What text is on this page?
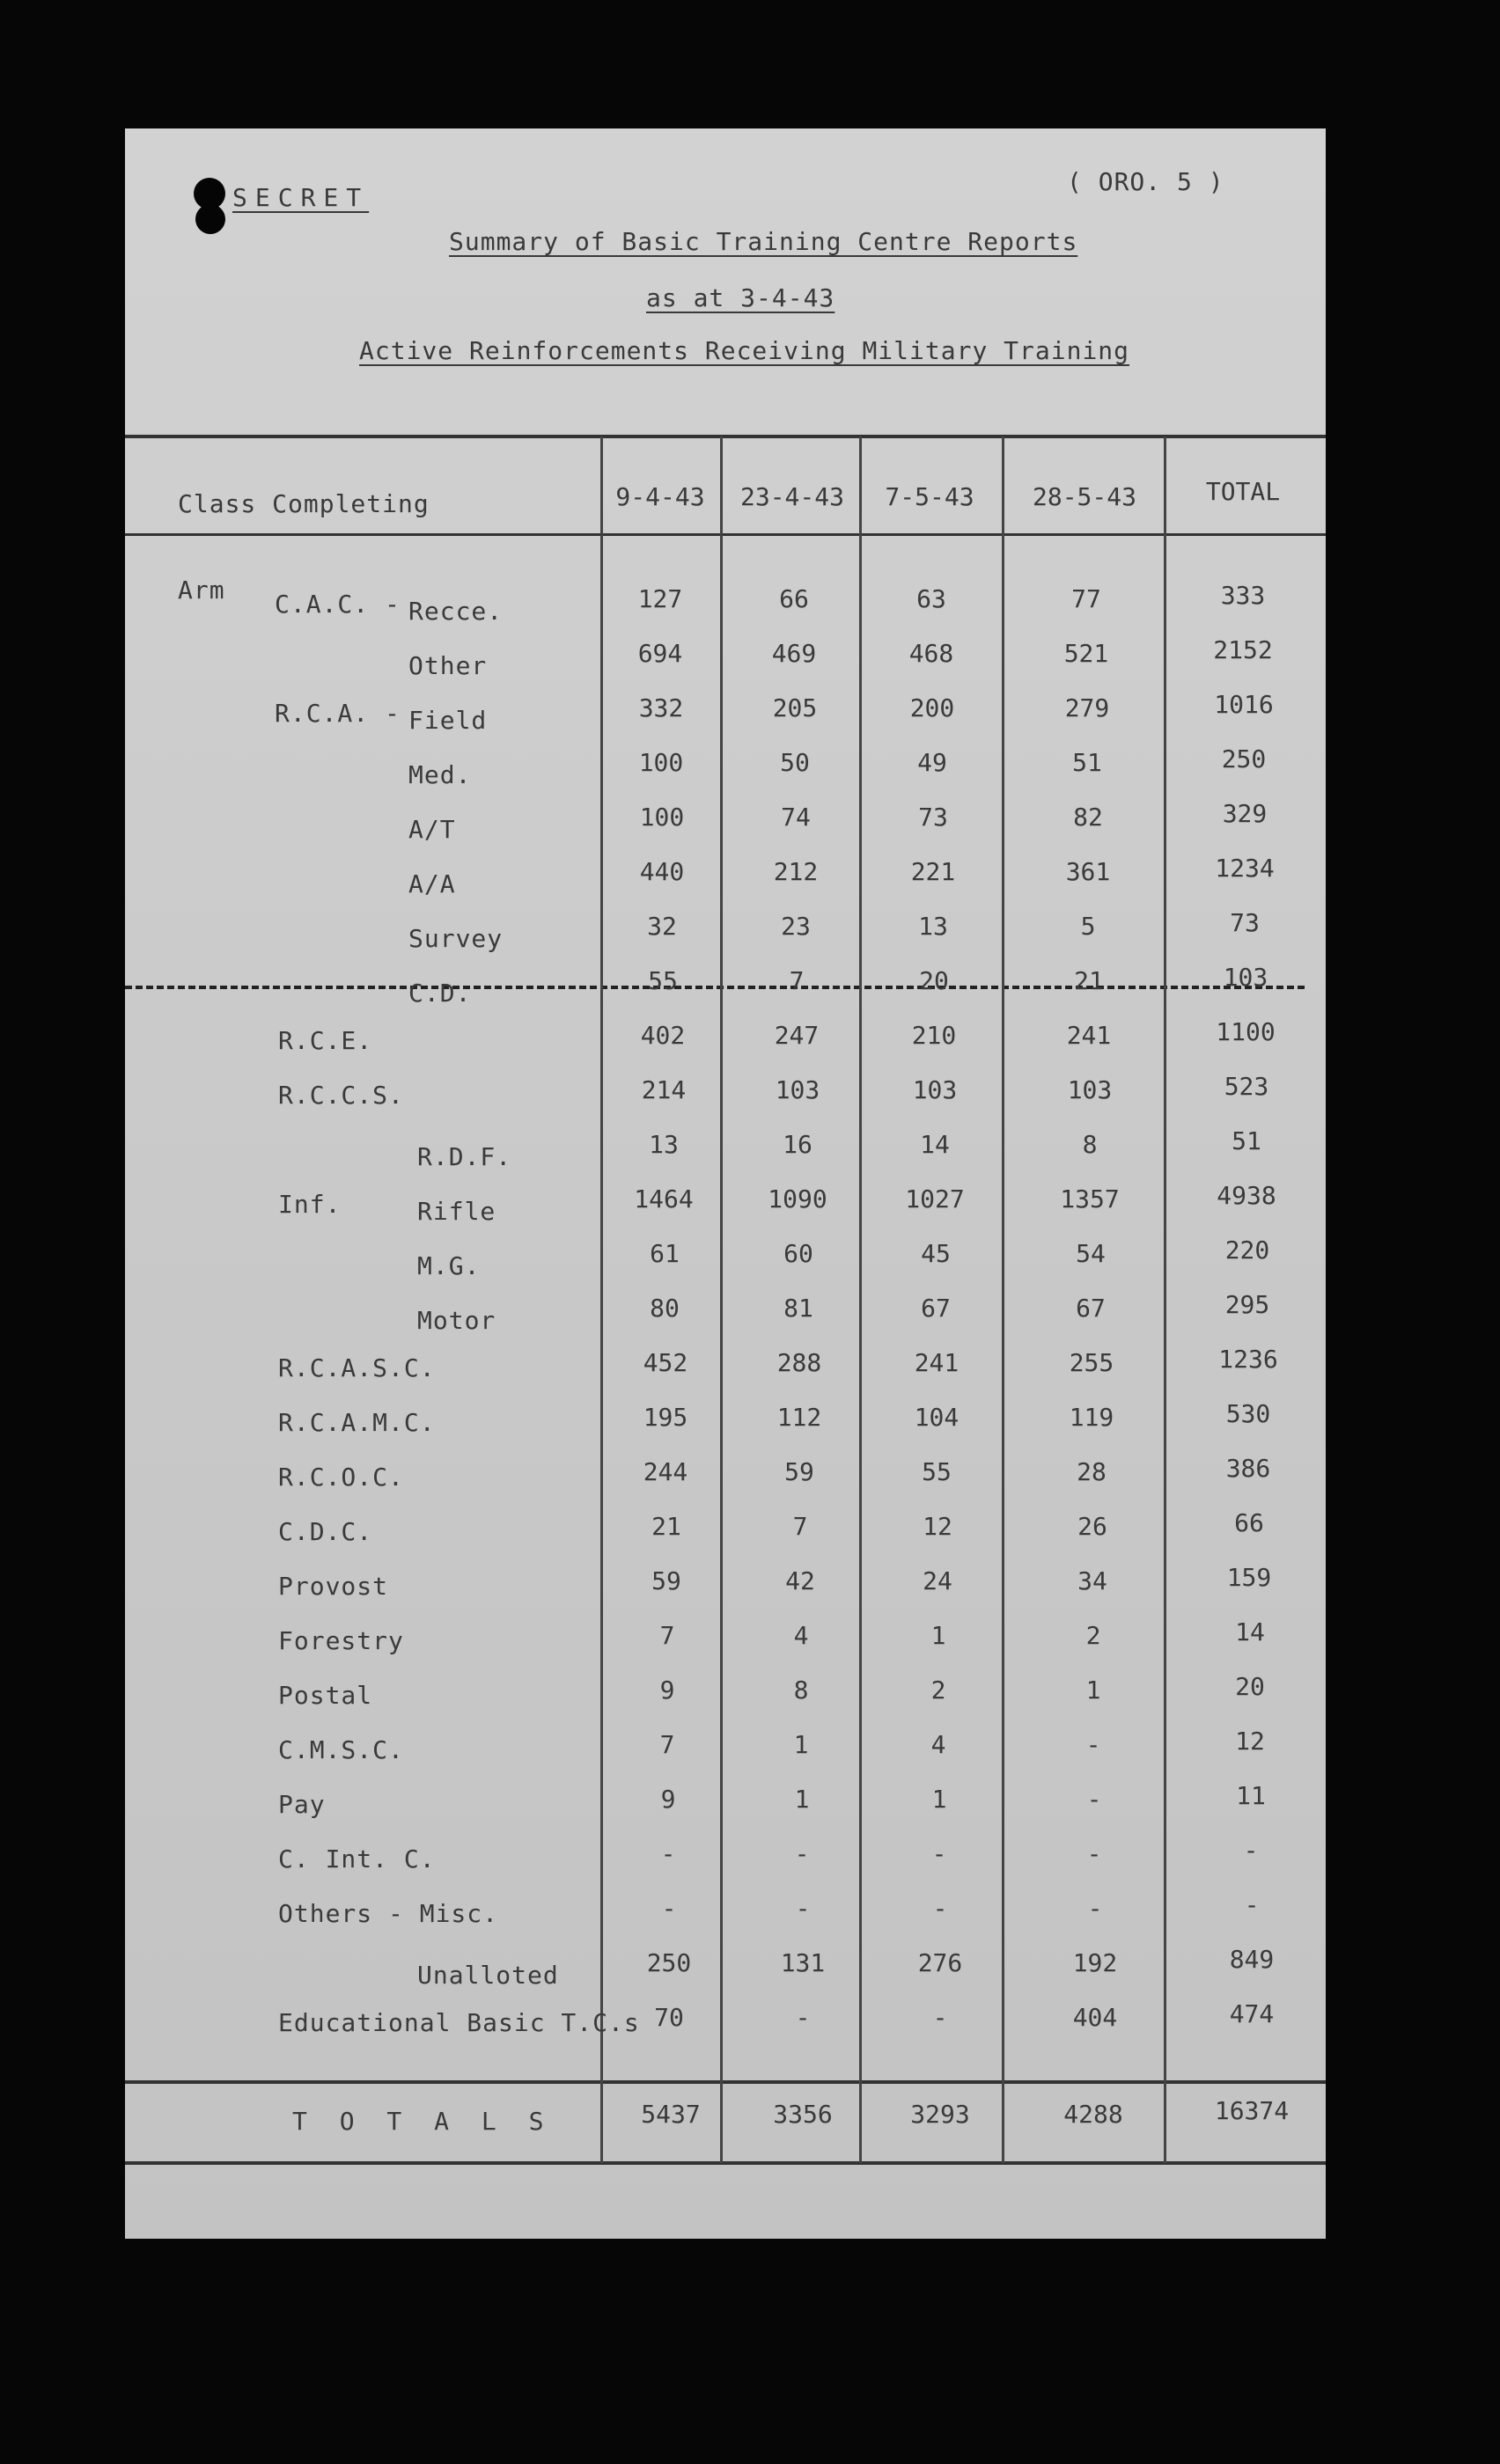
SECRET
( ORO. 5 )
Summary of Basic Training Centre Reports
as at 3-4-43
Active Reinforcements Receiving Military Training
Class Completing	9-4-43	23-4-43	7-5-43	28-5-43	TOTAL
Arm C.A.C. - Recce.	127	66	63	77	333
Other	694	469	468	521	2152
R.C.A. - Field	332	205	200	279	1016
Med.	100	50	49	51	250
A/T	100	74	73	82	329
A/A	440	212	221	361	1234
Survey	32	23	13	5	73
C.D.	55	7	20	21	103
R.C.E.	402	247	210	241	1100
R.C.C.S.	214	103	103	103	523
R.D.F.	13	16	14	8	51
Inf.	Rifle	1464	1090	1027	1357	4938
M.G.	61	60	45	54	220
Motor	80	81	67	67	295
R.C.A.S.C.	452	288	241	255	1236
R.C.A.M.C.	195	112	104	119	530
R.C.O.C.	244	59	55	28	386
C.D.C.	21	7	12	26	66
Provost	59	42	24	34	159
Forestry	7	4	1	2	14
Postal	9	8	2	1	20
C.M.S.C.	7	1	4	-	12
Pay	9	1	1	-	11
C. Int. C.	-	-	-	-	-
Others - Misc.	-	-	-	-	-
Unalloted	250	131	276	192	849
Educational Basic T.C.s 70	-	-	404	474
T O T A L S	5437	3356	3293	4288	16374
